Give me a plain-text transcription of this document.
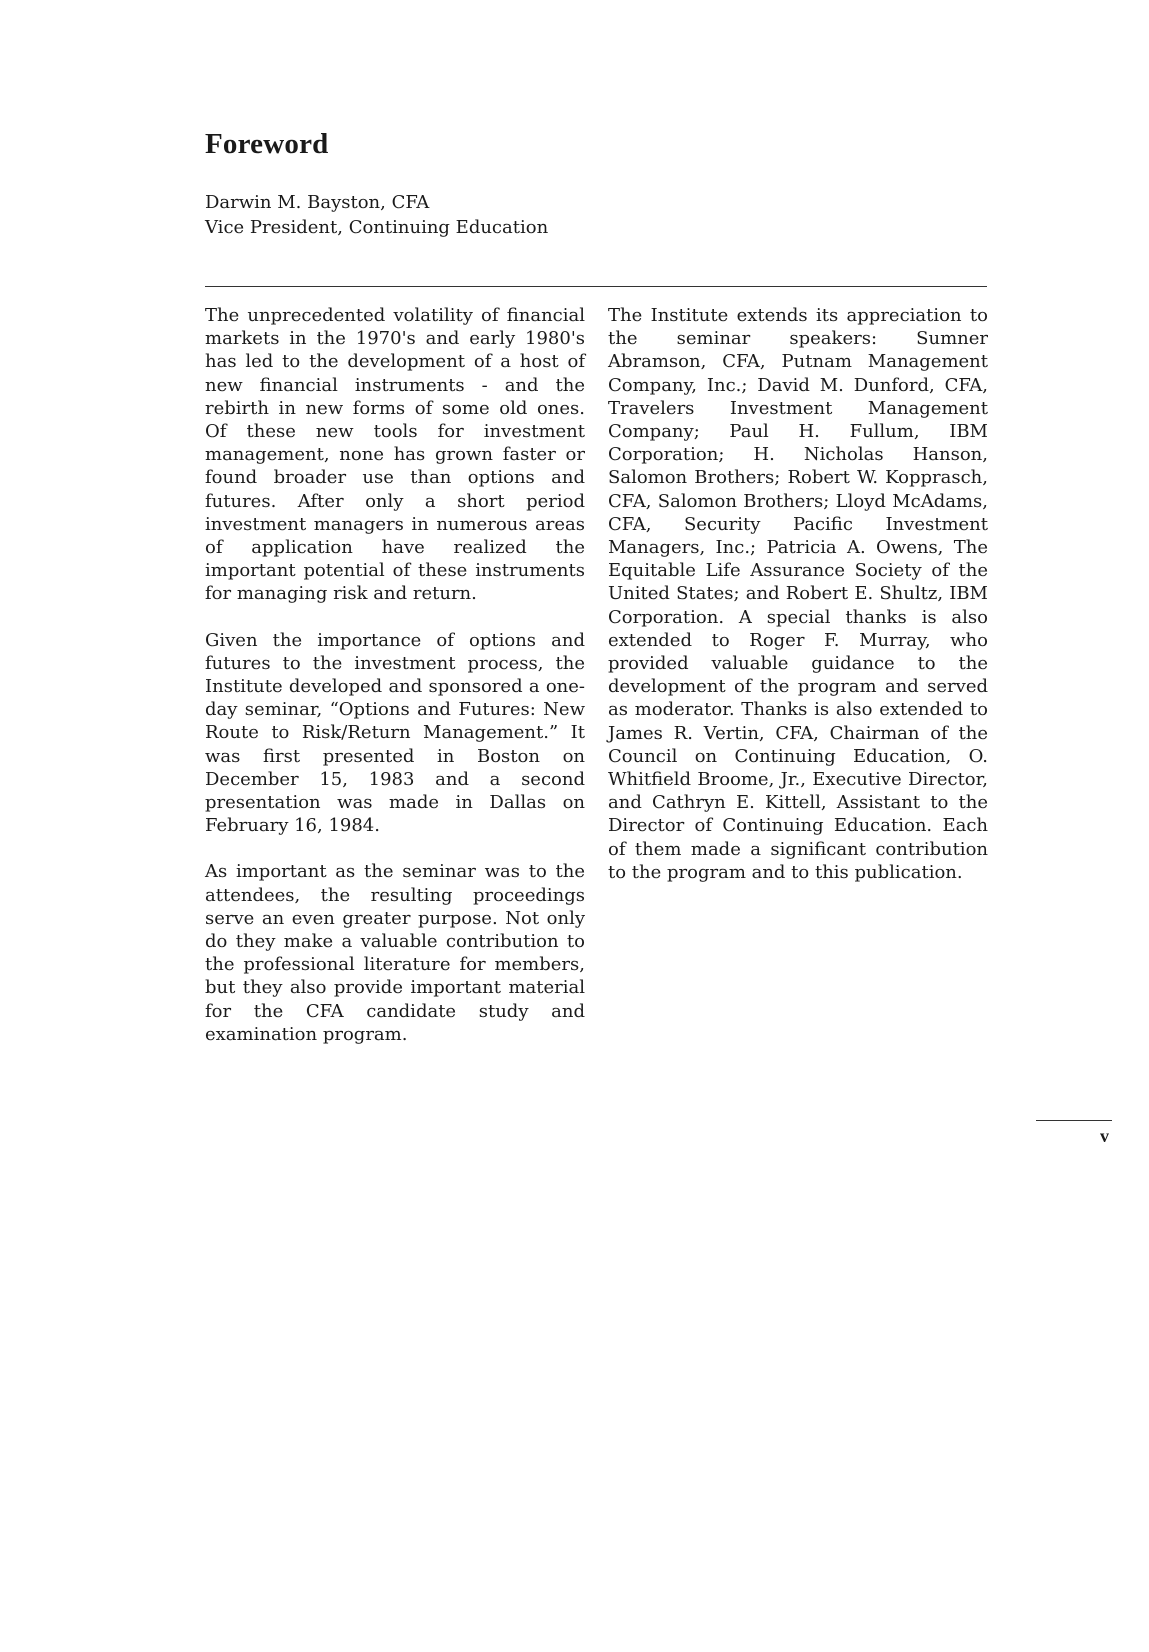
Foreword
Darwin M. Bayston, CFA
Vice President, Continuing Education

The unprecedented volatility of financial markets in the 1970's and early 1980's has led to the development of a host of new financial instruments - and the rebirth in new forms of some old ones. Of these new tools for investment management, none has grown faster or found broader use than options and futures. After only a short period investment managers in numerous areas of application have realized the important potential of these instruments for managing risk and return.

Given the importance of options and futures to the investment process, the Institute developed and sponsored a one-day seminar, “Options and Futures: New Route to Risk/Return Management.” It was first presented in Boston on December 15, 1983 and a second presentation was made in Dallas on February 16, 1984.

As important as the seminar was to the attendees, the resulting proceedings serve an even greater purpose. Not only do they make a valuable contribution to the professional literature for members, but they also provide important material for the CFA candidate study and examination program.

The Institute extends its appreciation to the seminar speakers: Sumner Abramson, CFA, Putnam Management Company, Inc.; David M. Dunford, CFA, Travelers Investment Management Company; Paul H. Fullum, IBM Corporation; H. Nicholas Hanson, Salomon Brothers; Robert W. Kopprasch, CFA, Salomon Brothers; Lloyd McAdams, CFA, Security Pacific Investment Managers, Inc.; Patricia A. Owens, The Equitable Life Assurance Society of the United States; and Robert E. Shultz, IBM Corporation. A special thanks is also extended to Roger F. Murray, who provided valuable guidance to the development of the program and served as moderator. Thanks is also extended to James R. Vertin, CFA, Chairman of the Council on Continuing Education, O. Whitfield Broome, Jr., Executive Director, and Cathryn E. Kittell, Assistant to the Director of Continuing Education. Each of them made a significant contribution to the program and to this publication.

v
